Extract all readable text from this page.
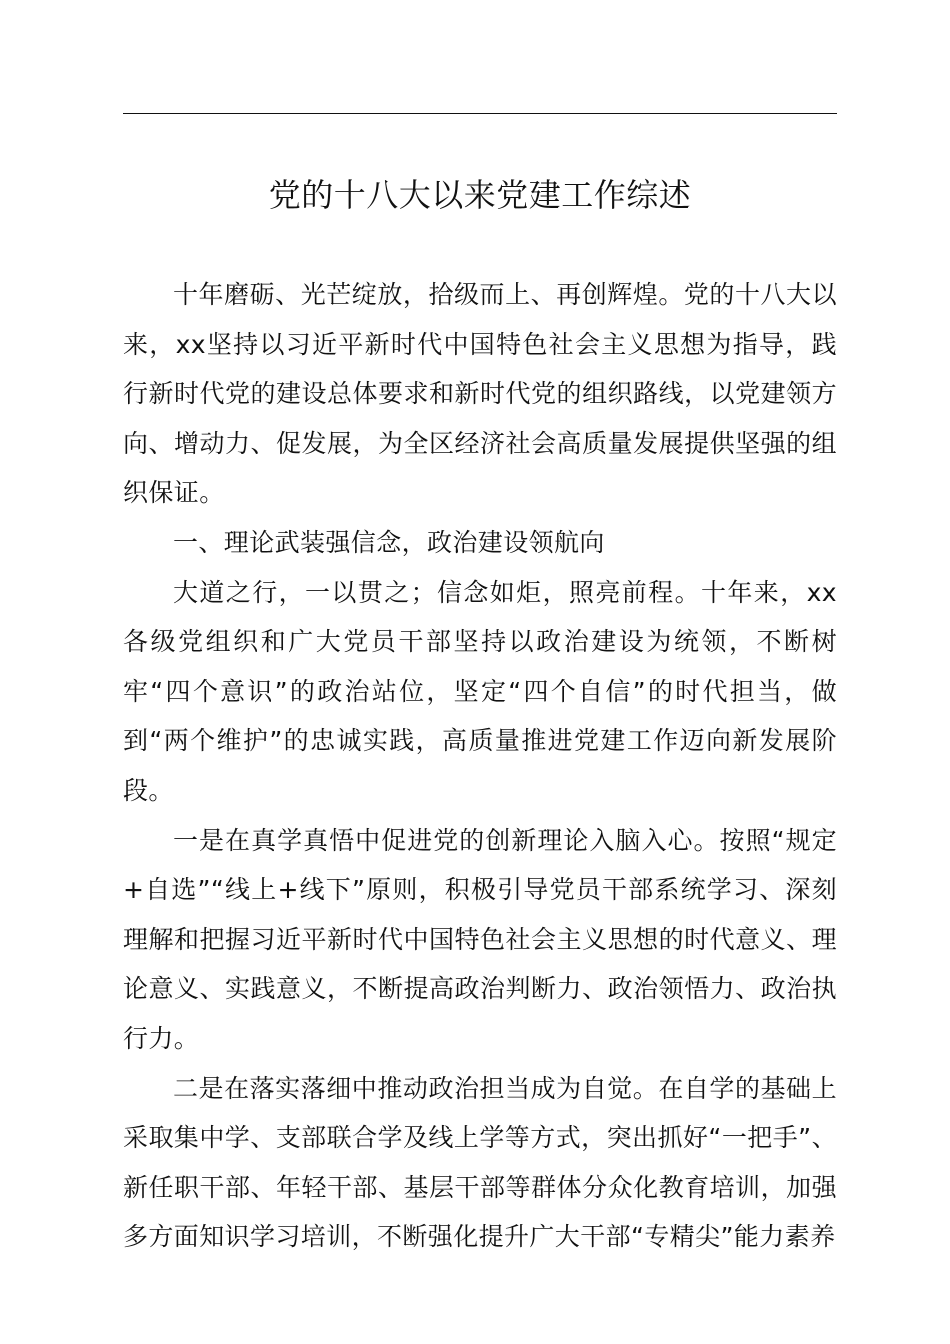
党的十八大以来党建工作综述

十年磨砺、光芒绽放，拾级而上、再创辉煌。党的十八大以来，xx坚持以习近平新时代中国特色社会主义思想为指导，践行新时代党的建设总体要求和新时代党的组织路线，以党建领方向、增动力、促发展，为全区经济社会高质量发展提供坚强的组织保证。

一、理论武装强信念，政治建设领航向

大道之行，一以贯之；信念如炬，照亮前程。十年来，xx各级党组织和广大党员干部坚持以政治建设为统领，不断树牢“四个意识”的政治站位，坚定“四个自信”的时代担当，做到“两个维护”的忠诚实践，高质量推进党建工作迈向新发展阶段。

一是在真学真悟中促进党的创新理论入脑入心。按照“规定+自选”“线上+线下”原则，积极引导党员干部系统学习、深刻理解和把握习近平新时代中国特色社会主义思想的时代意义、理论意义、实践意义，不断提高政治判断力、政治领悟力、政治执行力。

二是在落实落细中推动政治担当成为自觉。在自学的基础上采取集中学、支部联合学及线上学等方式，突出抓好“一把手”、新任职干部、年轻干部、基层干部等群体分众化教育培训，加强多方面知识学习培训，不断强化提升广大干部“专精尖”能力素养
